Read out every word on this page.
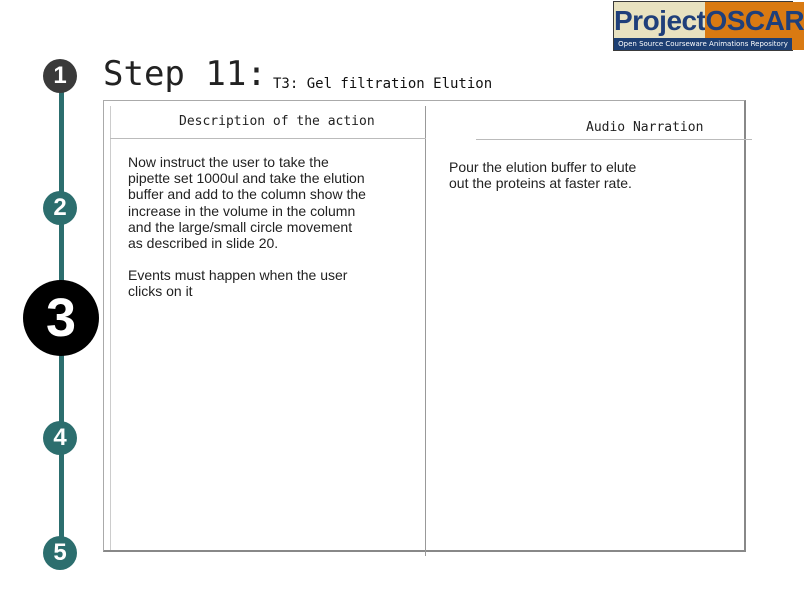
Project OSCAR
Open Source Courseware Animations Repository
1
2
3
4
5
Step 11: T3: Gel filtration Elution
Description of the action	Audio Narration

Now instruct the user to take the pipette set 1000ul and take the elution buffer and add to the column show the increase in the volume in the column and the large/small circle movement as described in slide 20.

Events must happen when the user clicks on it

Pour the elution buffer to elute out the proteins at faster rate.
